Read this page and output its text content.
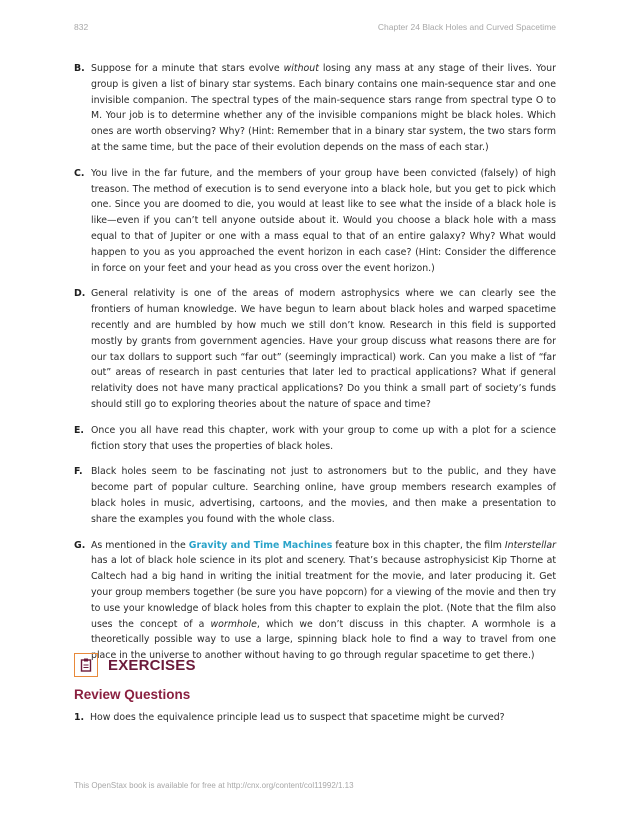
832	Chapter 24 Black Holes and Curved Spacetime
B. Suppose for a minute that stars evolve without losing any mass at any stage of their lives. Your group is given a list of binary star systems. Each binary contains one main-sequence star and one invisible companion. The spectral types of the main-sequence stars range from spectral type O to M. Your job is to determine whether any of the invisible companions might be black holes. Which ones are worth observing? Why? (Hint: Remember that in a binary star system, the two stars form at the same time, but the pace of their evolution depends on the mass of each star.)
C. You live in the far future, and the members of your group have been convicted (falsely) of high treason. The method of execution is to send everyone into a black hole, but you get to pick which one. Since you are doomed to die, you would at least like to see what the inside of a black hole is like—even if you can’t tell anyone outside about it. Would you choose a black hole with a mass equal to that of Jupiter or one with a mass equal to that of an entire galaxy? Why? What would happen to you as you approached the event horizon in each case? (Hint: Consider the difference in force on your feet and your head as you cross over the event horizon.)
D. General relativity is one of the areas of modern astrophysics where we can clearly see the frontiers of human knowledge. We have begun to learn about black holes and warped spacetime recently and are humbled by how much we still don’t know. Research in this field is supported mostly by grants from government agencies. Have your group discuss what reasons there are for our tax dollars to support such “far out” (seemingly impractical) work. Can you make a list of “far out” areas of research in past centuries that later led to practical applications? What if general relativity does not have many practical applications? Do you think a small part of society’s funds should still go to exploring theories about the nature of space and time?
E. Once you all have read this chapter, work with your group to come up with a plot for a science fiction story that uses the properties of black holes.
F. Black holes seem to be fascinating not just to astronomers but to the public, and they have become part of popular culture. Searching online, have group members research examples of black holes in music, advertising, cartoons, and the movies, and then make a presentation to share the examples you found with the whole class.
G. As mentioned in the Gravity and Time Machines feature box in this chapter, the film Interstellar has a lot of black hole science in its plot and scenery. That’s because astrophysicist Kip Thorne at Caltech had a big hand in writing the initial treatment for the movie, and later producing it. Get your group members together (be sure you have popcorn) for a viewing of the movie and then try to use your knowledge of black holes from this chapter to explain the plot. (Note that the film also uses the concept of a wormhole, which we don’t discuss in this chapter. A wormhole is a theoretically possible way to use a large, spinning black hole to find a way to travel from one place in the universe to another without having to go through regular spacetime to get there.)
EXERCISES
Review Questions
1. How does the equivalence principle lead us to suspect that spacetime might be curved?
This OpenStax book is available for free at http://cnx.org/content/col11992/1.13
